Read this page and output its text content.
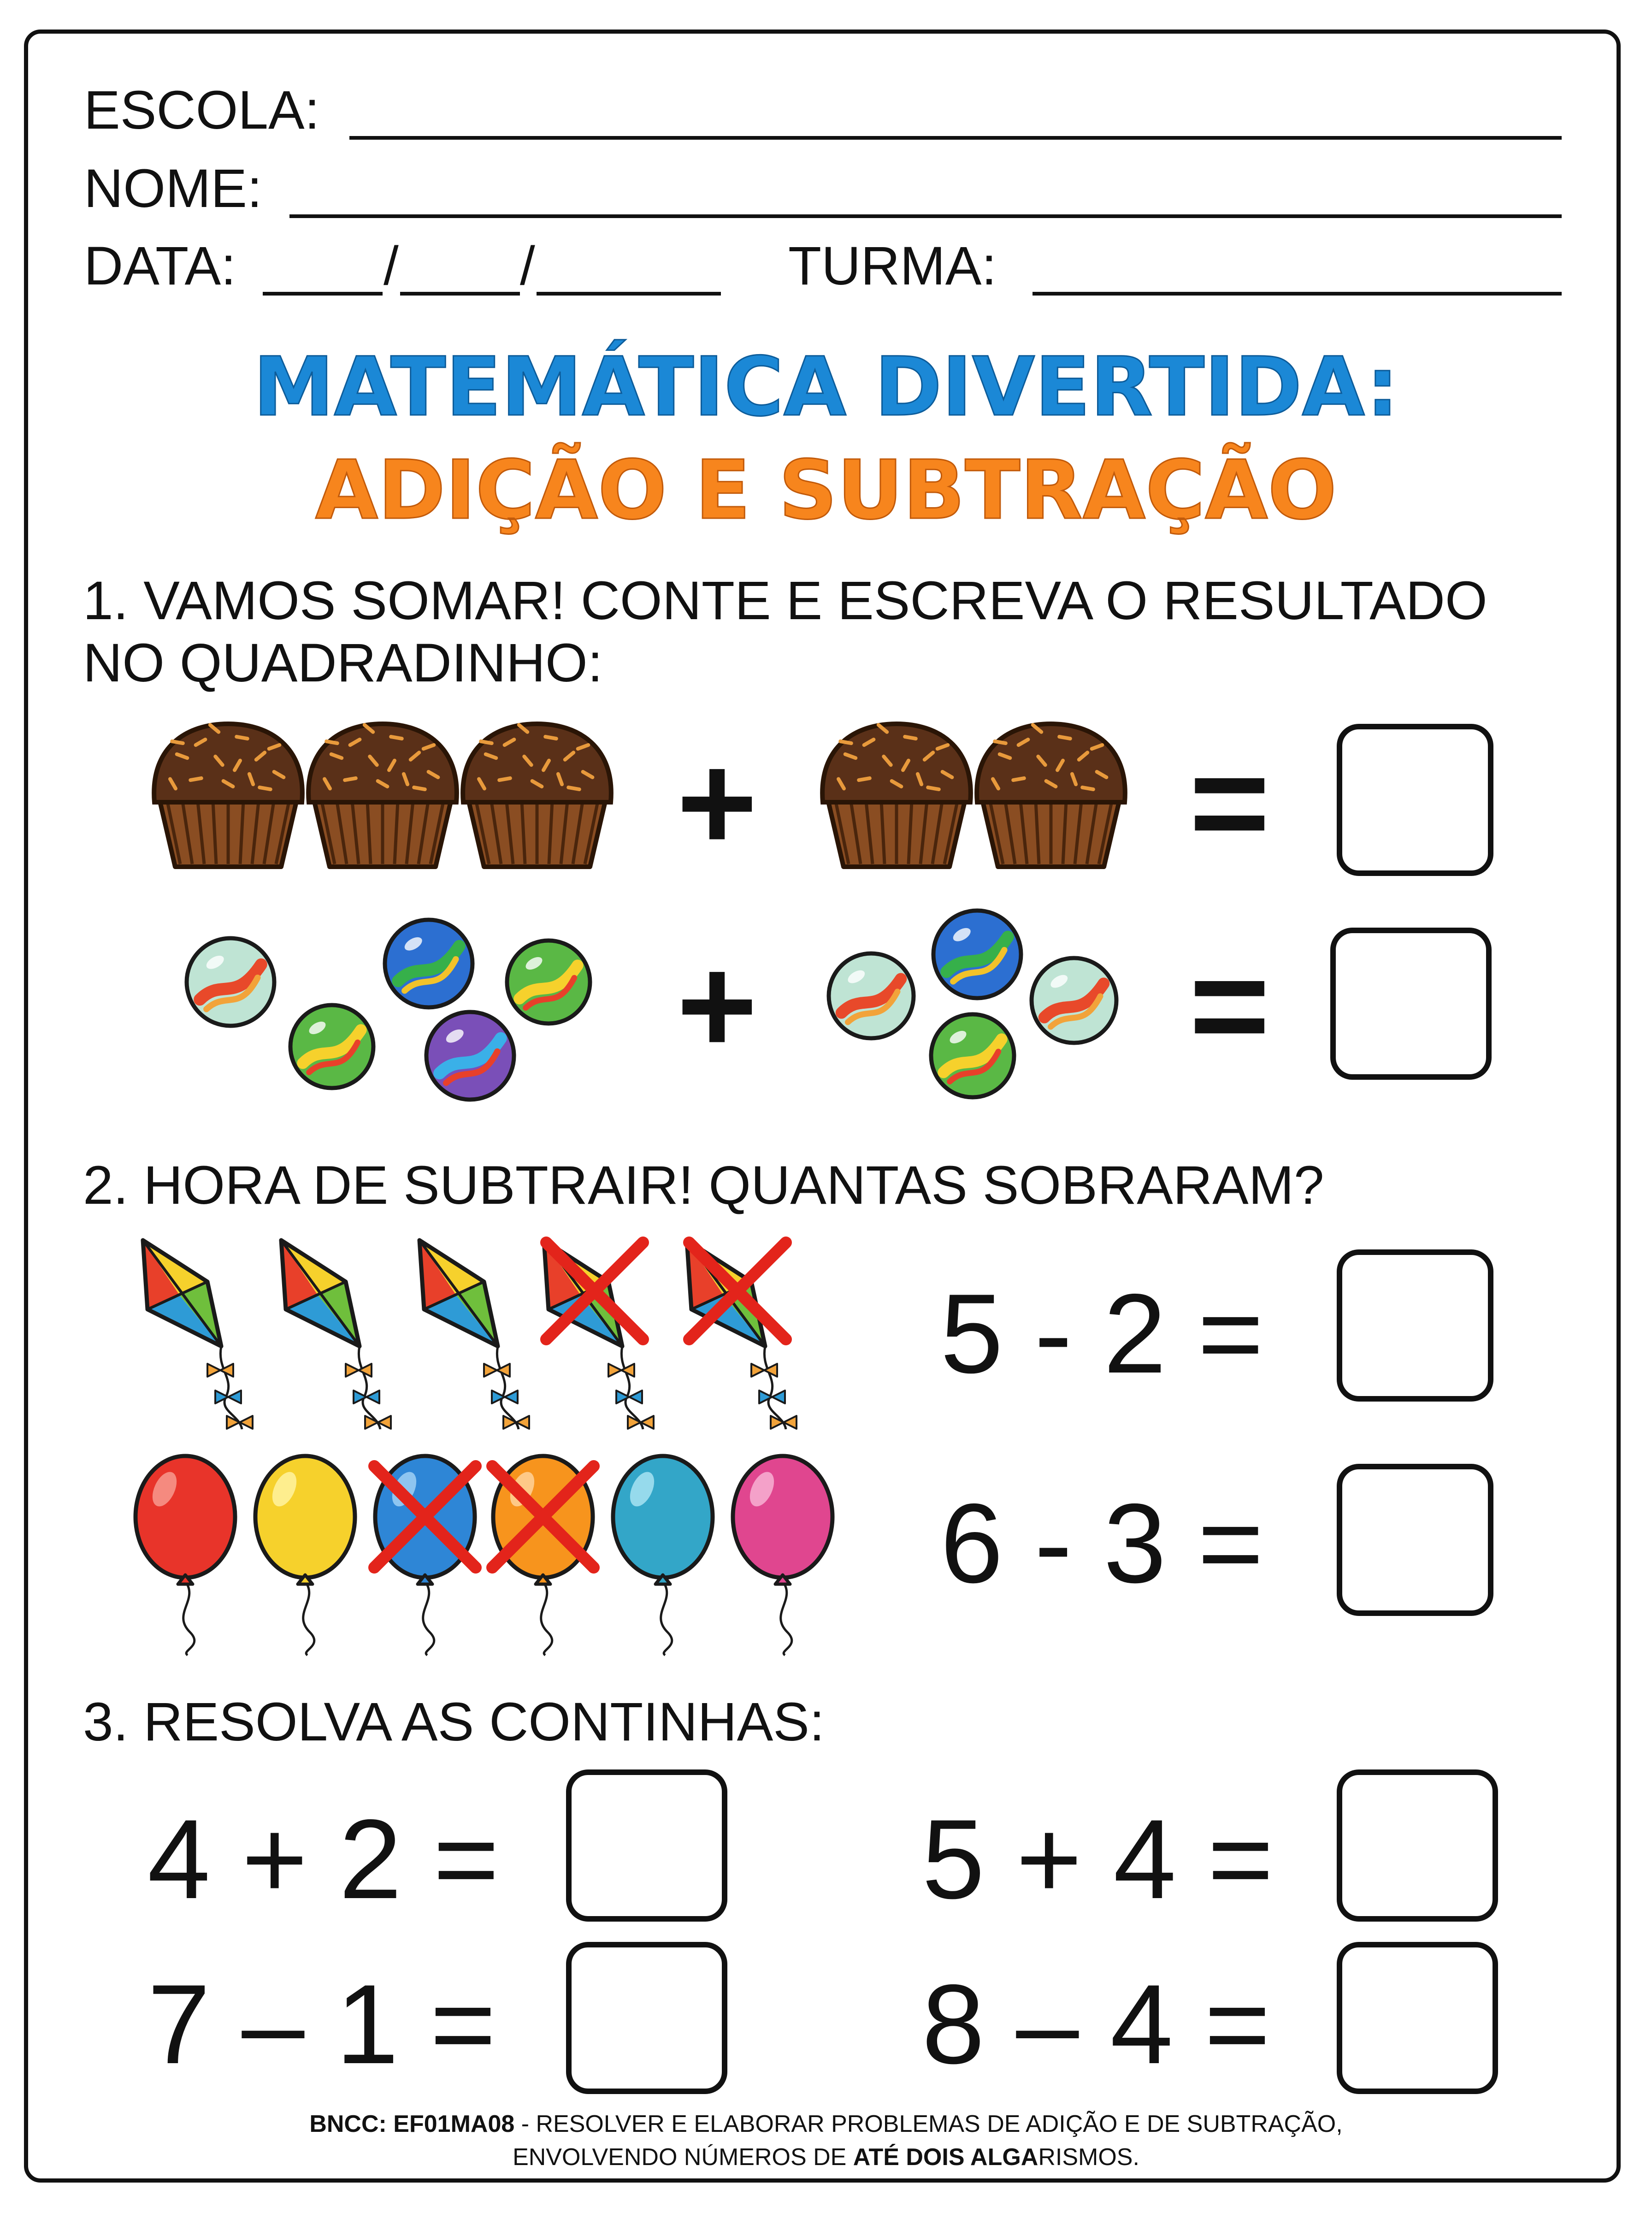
ESCOLA:
NOME:
DATA:	/ /	TURMA:
MATEMÁTICA DIVERTIDA:
ADIÇÃO E SUBTRAÇÃO
1. VAMOS SOMAR! CONTE E ESCREVA O RESULTADO
NO QUADRADINHO:
+	=
+	=
2. HORA DE SUBTRAIR! QUANTAS SOBRARAM?
5 - 2 =
6 - 3 =
3. RESOLVA AS CONTINHAS:
4 + 2 =	5 + 4 =
7 – 1 =	8 – 4 =
BNCC: EF01MA08 - RESOLVER E ELABORAR PROBLEMAS DE ADIÇÃO E DE SUBTRAÇÃO,
ENVOLVENDO NÚMEROS DE ATÉ DOIS ALGARISMOS.
